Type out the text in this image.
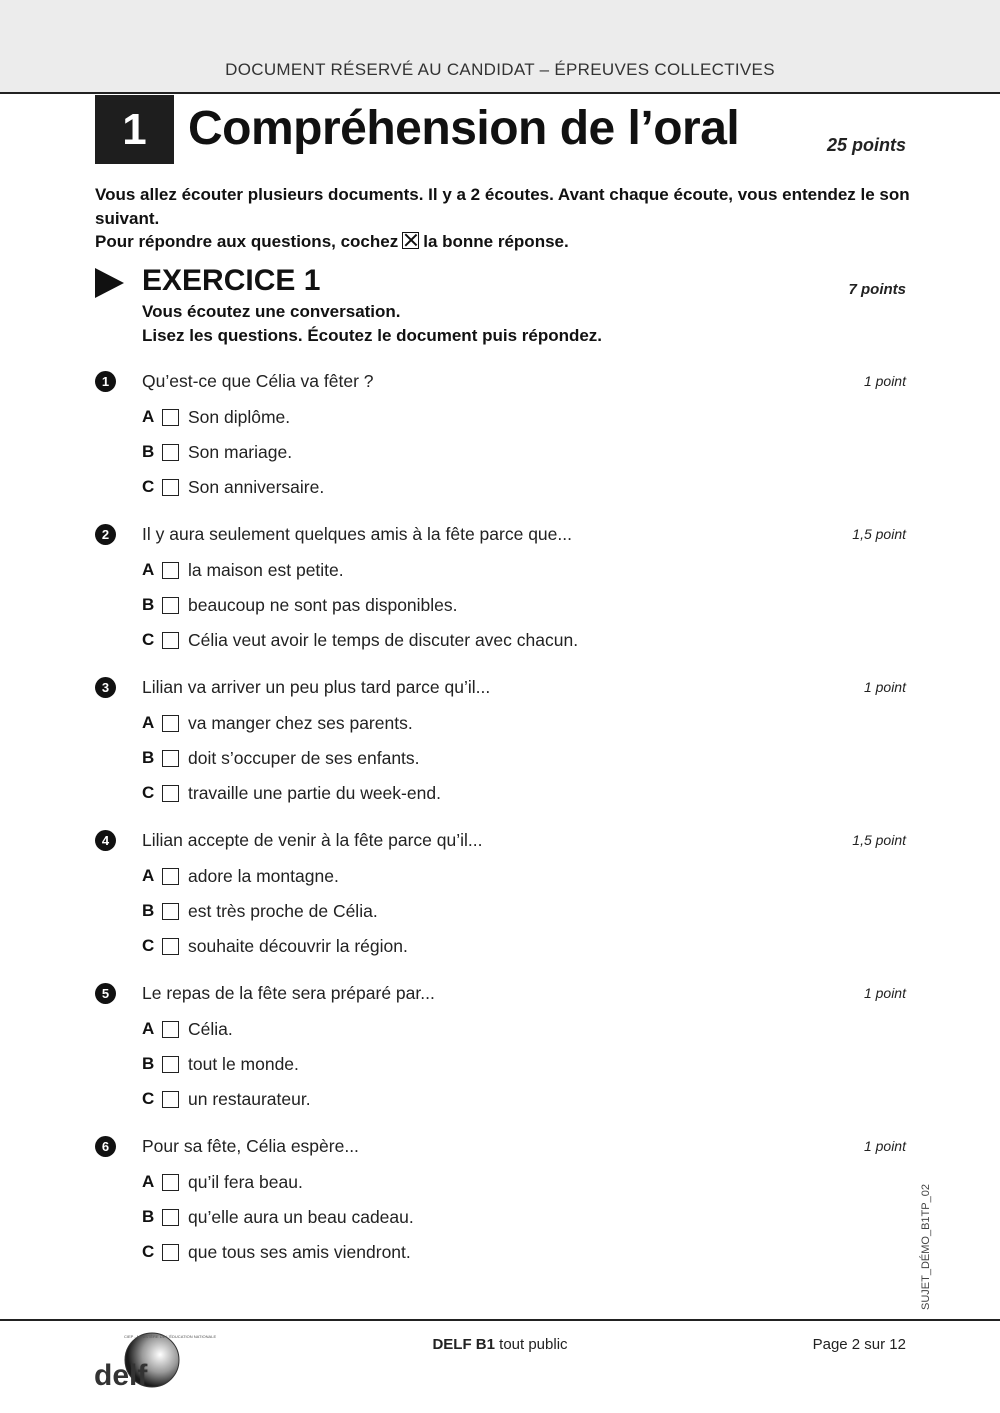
DOCUMENT RÉSERVÉ AU CANDIDAT – ÉPREUVES COLLECTIVES
1 Compréhension de l’oral	25 points
Vous allez écouter plusieurs documents. Il y a 2 écoutes. Avant chaque écoute, vous entendez le son suivant.
Pour répondre aux questions, cochez la bonne réponse.
EXERCICE 1	7 points
Vous écoutez une conversation.
Lisez les questions. Écoutez le document puis répondez.
1	Qu’est-ce que Célia va fêter ?	1 point
A Son diplôme.
B Son mariage.
C Son anniversaire.
2	Il y aura seulement quelques amis à la fête parce que...	1,5 point
A la maison est petite.
B beaucoup ne sont pas disponibles.
C Célia veut avoir le temps de discuter avec chacun.
3	Lilian va arriver un peu plus tard parce qu’il...	1 point
A va manger chez ses parents.
B doit s’occuper de ses enfants.
C travaille une partie du week-end.
4	Lilian accepte de venir à la fête parce qu’il...	1,5 point
A adore la montagne.
B est très proche de Célia.
C souhaite découvrir la région.
5	Le repas de la fête sera préparé par...	1 point
A Célia.
B tout le monde.
C un restaurateur.
6	Pour sa fête, Célia espère...	1 point
A qu’il fera beau.
B qu’elle aura un beau cadeau.
C que tous ses amis viendront.	SUJET_DÉMO_B1TP_02
CIEP - MINISTÈRE DE L'ÉDUCATION NATIONALE
delf
DELF B1 tout public	Page 2 sur 12
